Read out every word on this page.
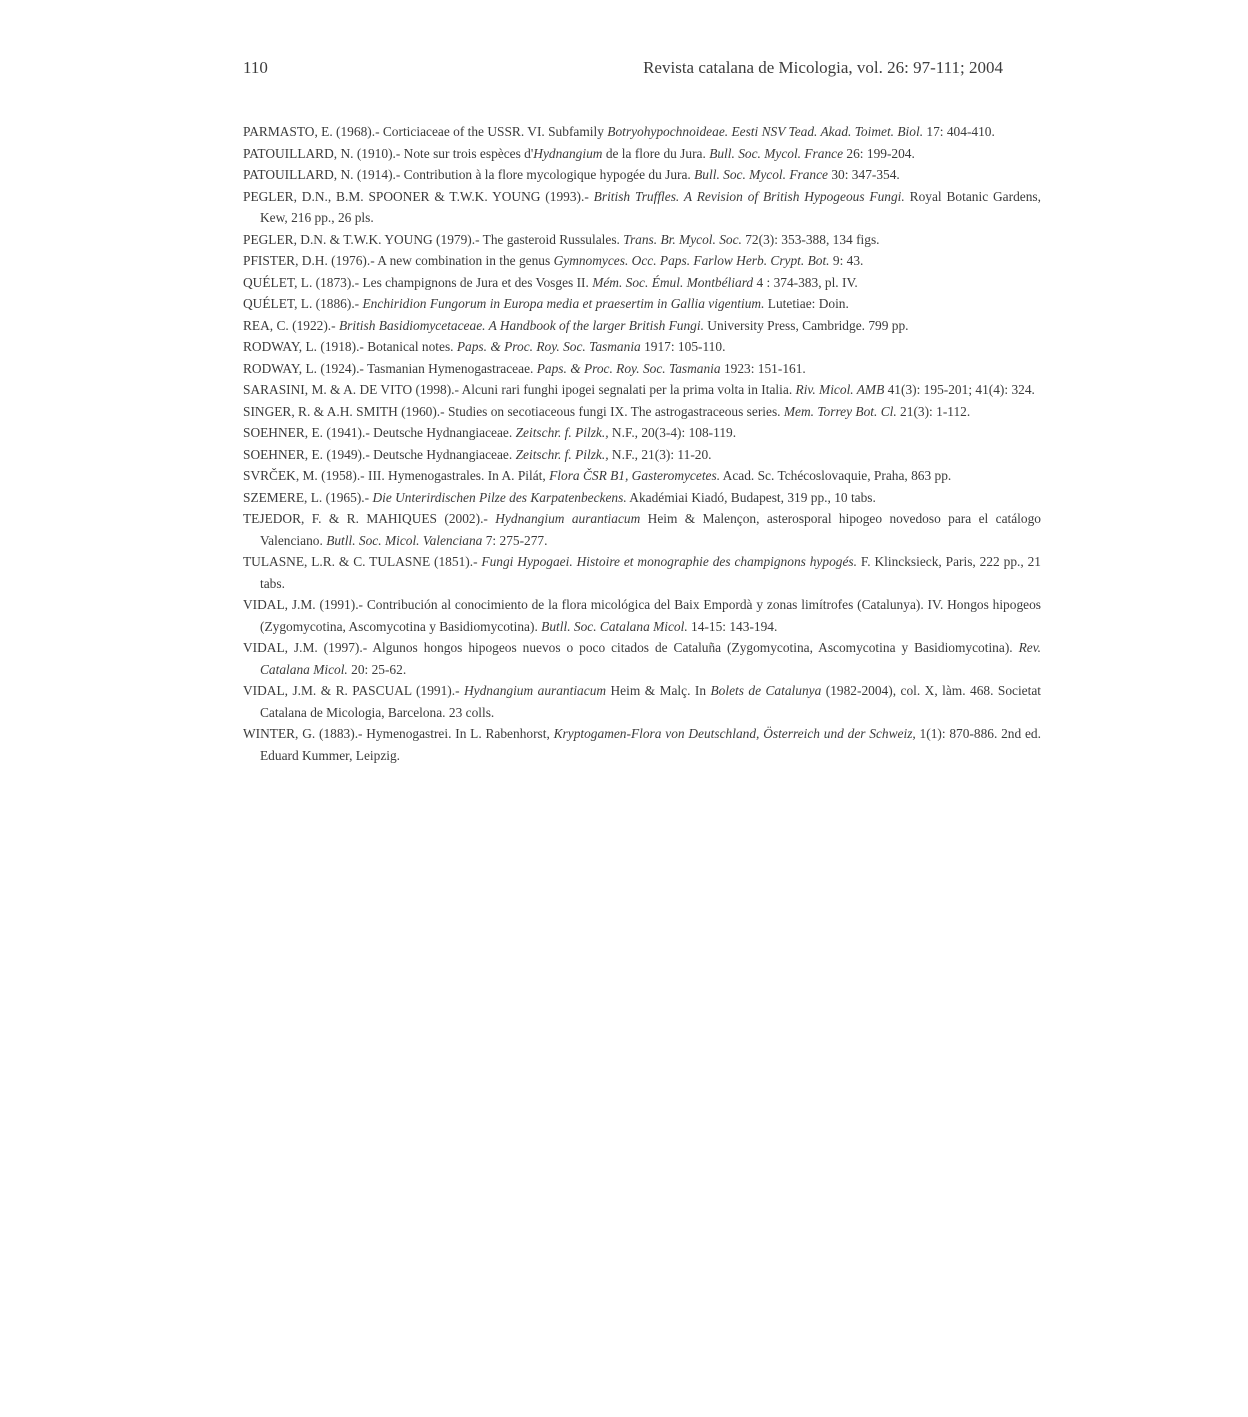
110	Revista catalana de Micologia, vol. 26: 97-111; 2004

PARMASTO, E. (1968).- Corticiaceae of the USSR. VI. Subfamily Botryohypochnoideae. Eesti NSV Tead. Akad. Toimet. Biol. 17: 404-410.

PATOUILLARD, N. (1910).- Note sur trois espèces d'Hydnangium de la flore du Jura. Bull. Soc. Mycol. France 26: 199-204.

PATOUILLARD, N. (1914).- Contribution à la flore mycologique hypogée du Jura. Bull. Soc. Mycol. France 30: 347-354.

PEGLER, D.N., B.M. SPOONER & T.W.K. YOUNG (1993).- British Truffles. A Revision of British Hypogeous Fungi. Royal Botanic Gardens, Kew, 216 pp., 26 pls.

PEGLER, D.N. & T.W.K. YOUNG (1979).- The gasteroid Russulales. Trans. Br. Mycol. Soc. 72(3): 353-388, 134 figs.

PFISTER, D.H. (1976).- A new combination in the genus Gymnomyces. Occ. Paps. Farlow Herb. Crypt. Bot. 9: 43.

QUÉLET, L. (1873).- Les champignons de Jura et des Vosges II. Mém. Soc. Émul. Montbéliard 4 : 374-383, pl. IV.

QUÉLET, L. (1886).- Enchiridion Fungorum in Europa media et praesertim in Gallia vigentium. Lutetiae: Doin.

REA, C. (1922).- British Basidiomycetaceae. A Handbook of the larger British Fungi. University Press, Cambridge. 799 pp.

RODWAY, L. (1918).- Botanical notes. Paps. & Proc. Roy. Soc. Tasmania 1917: 105-110.

RODWAY, L. (1924).- Tasmanian Hymenogastraceae. Paps. & Proc. Roy. Soc. Tasmania 1923: 151-161.

SARASINI, M. & A. DE VITO (1998).- Alcuni rari funghi ipogei segnalati per la prima volta in Italia. Riv. Micol. AMB 41(3): 195-201; 41(4): 324.

SINGER, R. & A.H. SMITH (1960).- Studies on secotiaceous fungi IX. The astrogastraceous series. Mem. Torrey Bot. Cl. 21(3): 1-112.

SOEHNER, E. (1941).- Deutsche Hydnangiaceae. Zeitschr. f. Pilzk., N.F., 20(3-4): 108-119.

SOEHNER, E. (1949).- Deutsche Hydnangiaceae. Zeitschr. f. Pilzk., N.F., 21(3): 11-20.

SVRČEK, M. (1958).- III. Hymenogastrales. In A. Pilát, Flora ČSR B1, Gasteromycetes. Acad. Sc. Tchécoslovaquie, Praha, 863 pp.

SZEMERE, L. (1965).- Die Unterirdischen Pilze des Karpatenbeckens. Akadémiai Kiadó, Budapest, 319 pp., 10 tabs.

TEJEDOR, F. & R. MAHIQUES (2002).- Hydnangium aurantiacum Heim & Malençon, asterosporal hipogeo novedoso para el catálogo Valenciano. Butll. Soc. Micol. Valenciana 7: 275-277.

TULASNE, L.R. & C. TULASNE (1851).- Fungi Hypogaei. Histoire et monographie des champignons hypogés. F. Klincksieck, Paris, 222 pp., 21 tabs.

VIDAL, J.M. (1991).- Contribución al conocimiento de la flora micológica del Baix Empordà y zonas limítrofes (Catalunya). IV. Hongos hipogeos (Zygomycotina, Ascomycotina y Basidiomycotina). Butll. Soc. Catalana Micol. 14-15: 143-194.

VIDAL, J.M. (1997).- Algunos hongos hipogeos nuevos o poco citados de Cataluña (Zygomycotina, Ascomycotina y Basidiomycotina). Rev. Catalana Micol. 20: 25-62.

VIDAL, J.M. & R. PASCUAL (1991).- Hydnangium aurantiacum Heim & Malç. In Bolets de Catalunya (1982-2004), col. X, làm. 468. Societat Catalana de Micologia, Barcelona. 23 colls.

WINTER, G. (1883).- Hymenogastrei. In L. Rabenhorst, Kryptogamen-Flora von Deutschland, Österreich und der Schweiz, 1(1): 870-886. 2nd ed. Eduard Kummer, Leipzig.
